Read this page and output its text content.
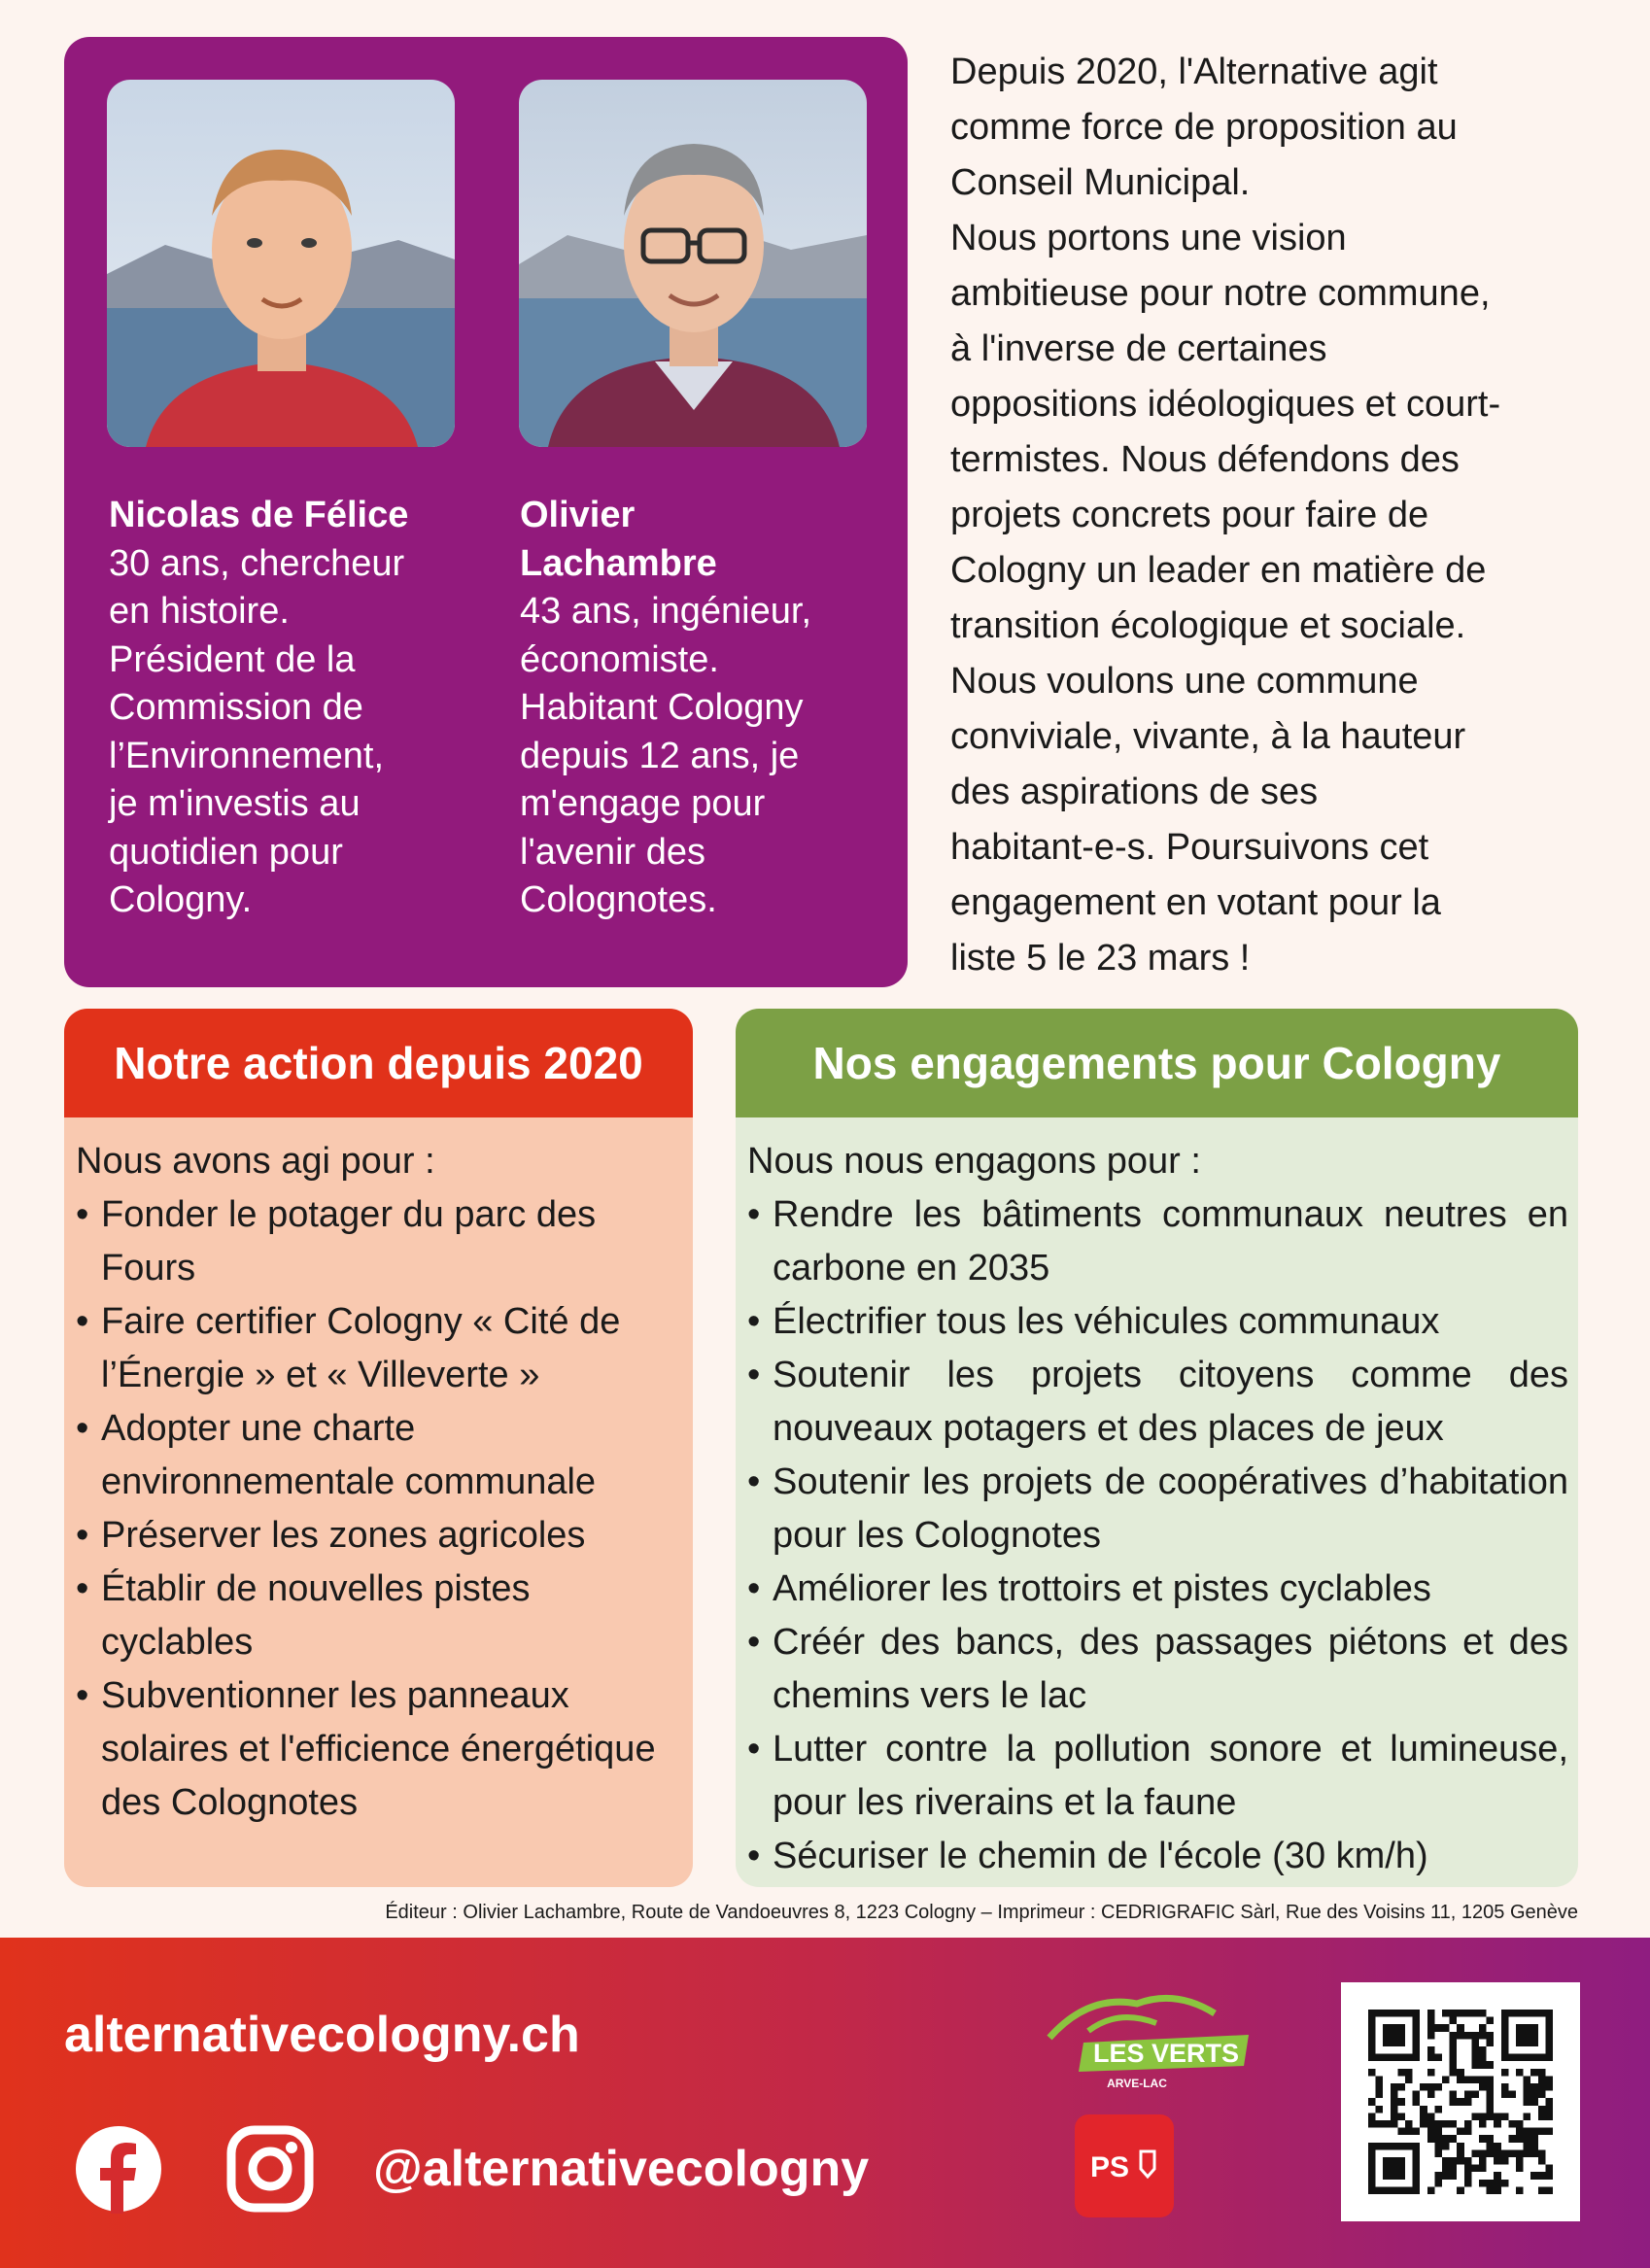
Nicolas de Félice
30 ans, chercheur
en histoire.
Président de la
Commission de
l’Environnement,
je m'investis au
quotidien pour
Cologny.
Olivier
Lachambre
43 ans, ingénieur,
économiste.
Habitant Cologny
depuis 12 ans, je
m'engage pour
l'avenir des
Colognotes.
Depuis 2020, l'Alternative agit
comme force de proposition au
Conseil Municipal.
Nous portons une vision
ambitieuse pour notre commune,
à l'inverse de certaines
oppositions idéologiques et court-
termistes. Nous défendons des
projets concrets pour faire de
Cologny un leader en matière de
transition écologique et sociale.
Nous voulons une commune
conviviale, vivante, à la hauteur
des aspirations de ses
habitant-e-s. Poursuivons cet
engagement en votant pour la
liste 5 le 23 mars !
Notre action depuis 2020
Nous avons agi pour :
• Fonder le potager du parc des Fours
• Faire certifier Cologny « Cité de l’Énergie » et « Villeverte »
• Adopter une charte environnementale communale
• Préserver les zones agricoles
• Établir de nouvelles pistes cyclables
• Subventionner les panneaux solaires et l'efficience énergétique des Colognotes
Nos engagements pour Cologny
Nous nous engagons pour :
• Rendre les bâtiments communaux neutres en carbone en 2035
• Électrifier tous les véhicules communaux
• Soutenir les projets citoyens comme des nouveaux potagers et des places de jeux
• Soutenir les projets de coopératives d’habitation pour les Colognotes
• Améliorer les trottoirs et pistes cyclables
• Créér des bancs, des passages piétons et des chemins vers le lac
• Lutter contre la pollution sonore et lumineuse, pour les riverains et la faune
• Sécuriser le chemin de l'école (30 km/h)
Éditeur : Olivier Lachambre, Route de Vandoeuvres 8, 1223 Cologny – Imprimeur : CEDRIGRAFIC Sàrl, Rue des Voisins 11, 1205 Genève
alternativecologny.ch
@alternativecologny
LES VERTS
ARVE-LAC
PS
